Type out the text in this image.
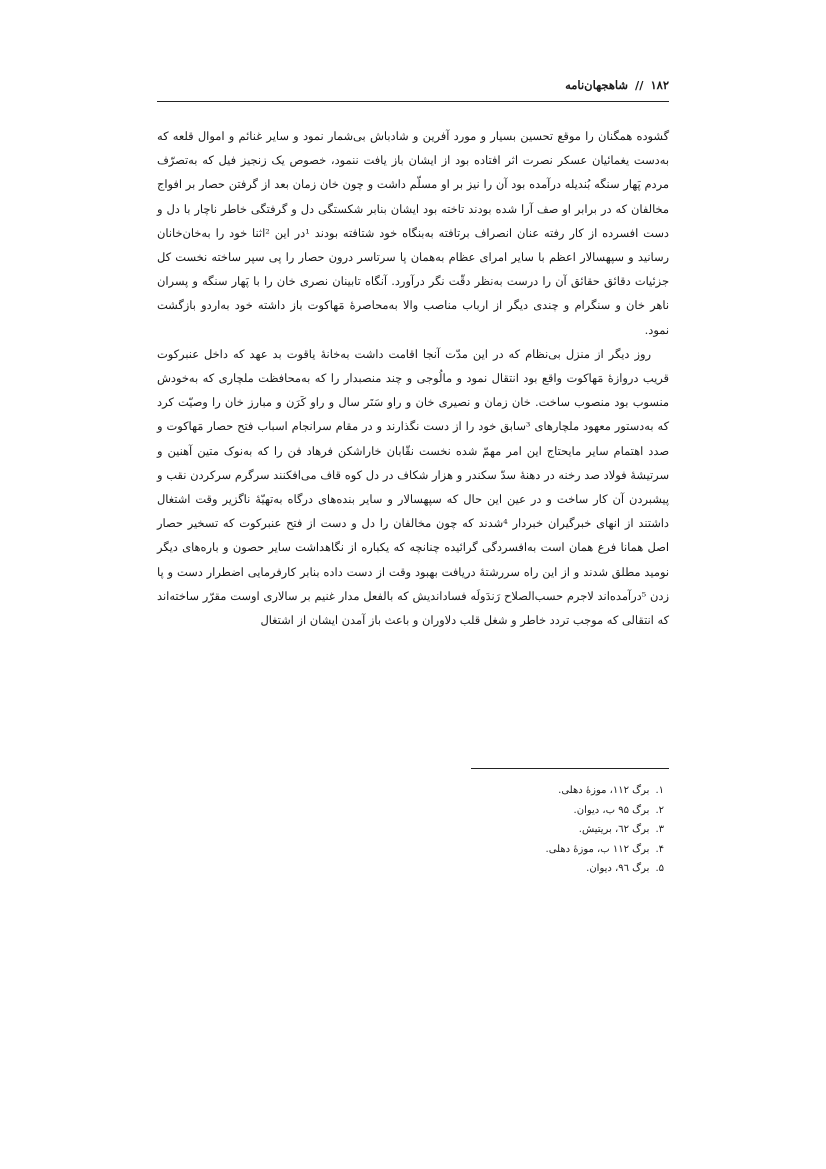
۱۸۲ // شاهجهان‌نامه

گشوده همگنان را موقع تحسین بسیار و مورد آفرین و شادباش بی‌شمار نمود و سایر غنائم و اموال قلعه که به‌دست یغمائیان عسکر نصرت اثر افتاده بود از ایشان باز یافت ننمود، خصوص یک زنجیز فیل که به‌تصرّف مردم پَهار سنگه بُندیله درآمده بود آن را نیز بر او مسلّم داشت و چون خان زمان بعد از گرفتن حصار بر افواج مخالفان که در برابر او صف آرا شده بودند تاخته بود ایشان بنابر شکستگی دل و گرفتگی خاطر ناچار با دل و دست افسرده از کار رفته عنان انصراف برتافته به‌بنگاه خود شتافته بودند ¹در این ²اثنا خود را به‌خان‌خانان رسانید و سپهسالار اعظم با سایر امرای عظام به‌همان پا سرتاسر درون حصار را پی سپر ساخته نخست کل جزئیات دقائق حقائق آن را درست به‌نظر دقّت نگر درآورد. آنگاه تابینان نصری خان را با پَهار سنگه و پسران ناهر خان و سنگرام و چندی دیگر از ارباب مناصب والا به‌محاصرهٔ مَهاکوت باز داشته خود به‌اردو بازگشت نمود.

روز دیگر از منزل بی‌نظام که در این مدّت آنجا اقامت داشت به‌خانهٔ یاقوت بد عهد که داخل عنبرکوت قریب دروازهٔ مَهاکوت واقع بود انتقال نمود و مالُوجی و چند منصبدار را که به‌محافظت ملچاری که به‌خودش منسوب بود منصوب ساخت. خان زمان و نصیری خان و راو سَتَر سال و راو کَرَن و مبارز خان را وصیّت کرد که به‌دستور معهود ملچارهای ³سابق خود را از دست نگذارند و در مقام سرانجام اسباب فتح حصار مَهاکوت و صدد اهتمام سایر مایحتاج این امر مهمّ شده نخست نقّابان خاراشکن فرهاد فن را که به‌نوک متین آهنین و سرتیشهٔ فولاد صد رخنه در دهنهٔ سدّ سکندر و هزار شکاف در دل کوه قاف می‌افکنند سرگرم سرکردن نقب و پیشبردن آن کار ساخت و در عین این حال که سپهسالار و سایر بنده‌های درگاه به‌تهیّهٔ ناگزیر وقت اشتغال داشتند از انهای خبرگیران خبردار ⁴شدند که چون مخالفان را دل و دست از فتح عنبرکوت که تسخیر حصار اصل همانا فرع همان است به‌افسردگی گرائیده چنانچه که یکباره از نگاهداشت سایر حصون و باره‌های دیگر نومید مطلق شدند و از این راه سررشتهٔ دریافت بهبود وقت از دست داده بنابر کارفرمایی اضطرار دست و پا زدن ⁵درآمده‌اند لاجرم حسب‌الصلاح رَندَولَه فسادانديش که بالفعل مدار غنیم بر سالاری اوست مقرّر ساخته‌اند که انتقالی که موجب تردد خاطر و شغل قلب دلاوران و باعث باز آمدن ایشان از اشتغال

۱.برگ ۱۱۲، موزهٔ دهلی.
۲.برگ ۹۵ ب، دیوان.
۳.برگ ٦۲، بریتیش.
۴.برگ ۱۱۲ ب، موزهٔ دهلی.
۵.برگ ۹٦، دیوان.
